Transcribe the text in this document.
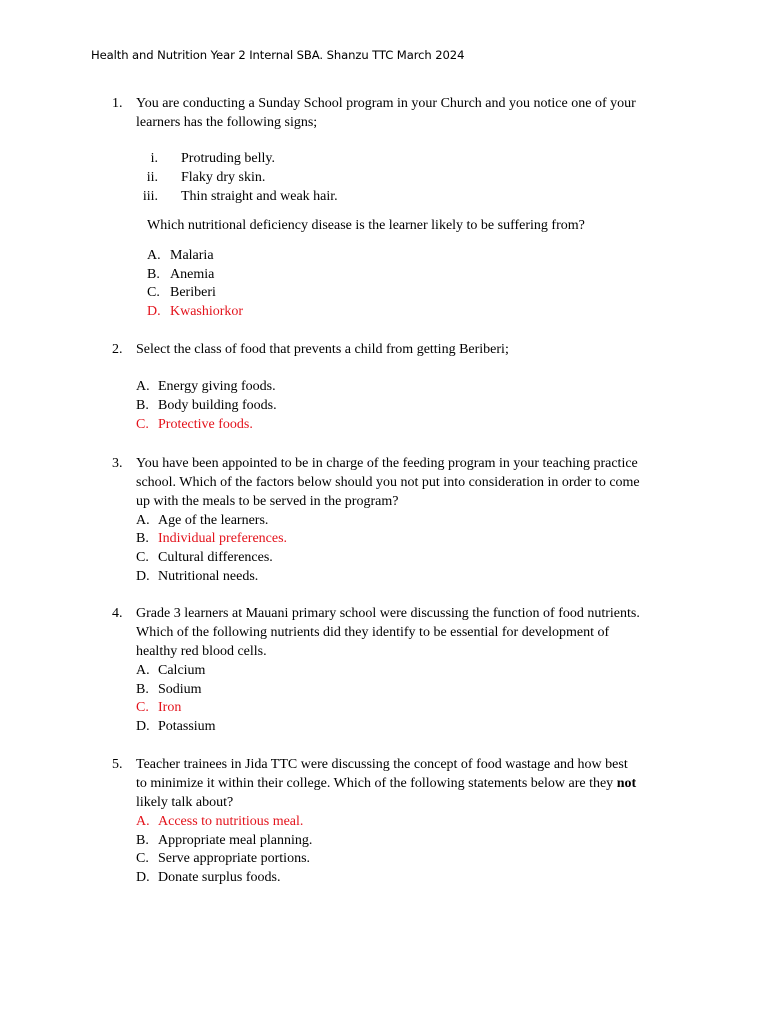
Health and Nutrition Year 2 Internal SBA. Shanzu TTC March 2024
1. You are conducting a Sunday School program in your Church and you notice one of your
learners has the following signs;
i. Protruding belly.
ii. Flaky dry skin.
iii. Thin straight and weak hair.
Which nutritional deficiency disease is the learner likely to be suffering from?
A. Malaria
B. Anemia
C. Beriberi
D. Kwashiorkor
2. Select the class of food that prevents a child from getting Beriberi;
A. Energy giving foods.
B. Body building foods.
C. Protective foods.
3. You have been appointed to be in charge of the feeding program in your teaching practice
school. Which of the factors below should you not put into consideration in order to come
up with the meals to be served in the program?
A. Age of the learners.
B. Individual preferences.
C. Cultural differences.
D. Nutritional needs.
4. Grade 3 learners at Mauani primary school were discussing the function of food nutrients.
Which of the following nutrients did they identify to be essential for development of
healthy red blood cells.
A. Calcium
B. Sodium
C. Iron
D. Potassium
5. Teacher trainees in Jida TTC were discussing the concept of food wastage and how best
to minimize it within their college. Which of the following statements below are they not
likely talk about?
A. Access to nutritious meal.
B. Appropriate meal planning.
C. Serve appropriate portions.
D. Donate surplus foods.
